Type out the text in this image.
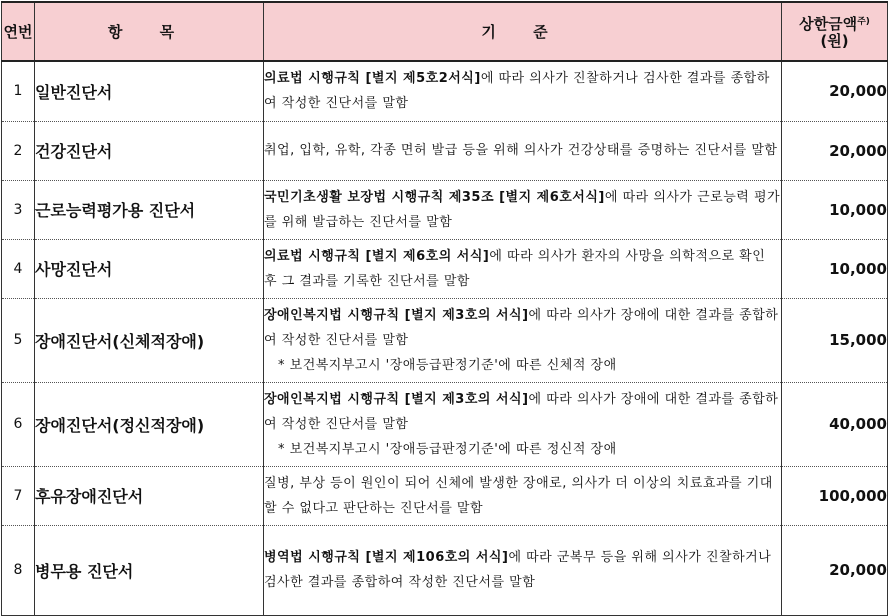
연번	항 목	기 준	상한금액$^{주)}$
(원)
1	일반진단서	의료법 시행규칙 [별지 제5호2서식]에 따라 의사가 진찰하거나 검사한 결과를 종합하여 작성한 진단서를 말함	20,000
2	건강진단서	취업, 입학, 유학, 각종 면허 발급 등을 위해 의사가 건강상태를 증명하는 진단서를 말함	20,000
3	근로능력평가용 진단서	국민기초생활 보장법 시행규칙 제35조 [별지 제6호서식]에 따라 의사가 근로능력 평가를 위해 발급하는 진단서를 말함	10,000
4	사망진단서	의료법 시행규칙 [별지 제6호의 서식]에 따라 의사가 환자의 사망을 의학적으로 확인 후 그 결과를 기록한 진단서를 말함	10,000
5	장애진단서(신체적장애)	장애인복지법 시행규칙 [별지 제3호의 서식]에 따라 의사가 장애에 대한 결과를 종합하여 작성한 진단서를 말함
* 보건복지부고시 '장애등급판정기준'에 따른 신체적 장애	15,000
6	장애진단서(정신적장애)	장애인복지법 시행규칙 [별지 제3호의 서식]에 따라 의사가 장애에 대한 결과를 종합하여 작성한 진단서를 말함
* 보건복지부고시 '장애등급판정기준'에 따른 정신적 장애	40,000
7	후유장애진단서	질병, 부상 등이 원인이 되어 신체에 발생한 장애로, 의사가 더 이상의 치료효과를 기대할 수 없다고 판단하는 진단서를 말함	100,000
8	병무용 진단서	병역법 시행규칙 [별지 제106호의 서식]에 따라 군복무 등을 위해 의사가 진찰하거나 검사한 결과를 종합하여 작성한 진단서를 말함	20,000
